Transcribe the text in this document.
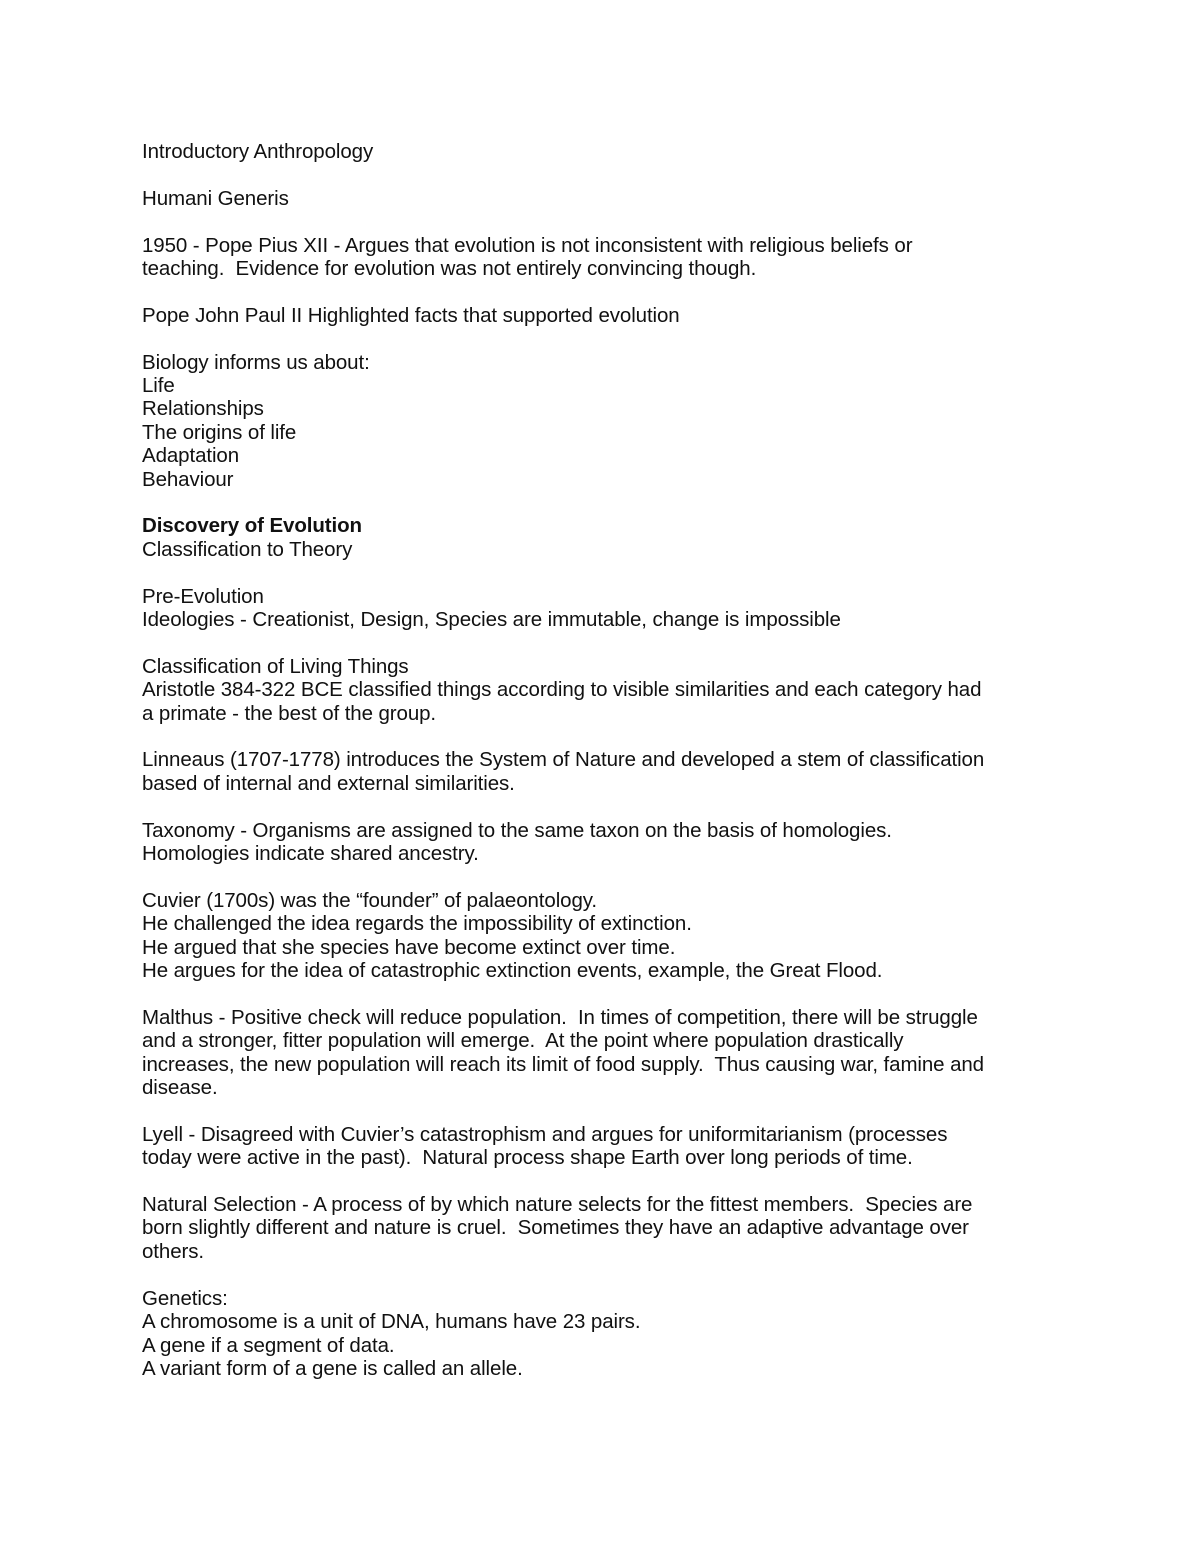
Introductory Anthropology
Humani Generis
1950 - Pope Pius XII - Argues that evolution is not inconsistent with religious beliefs or
teaching.  Evidence for evolution was not entirely convincing though.
Pope John Paul II Highlighted facts that supported evolution
Biology informs us about:
Life
Relationships
The origins of life
Adaptation
Behaviour
Discovery of Evolution
Classification to Theory
Pre-Evolution
Ideologies - Creationist, Design, Species are immutable, change is impossible
Classification of Living Things
Aristotle 384-322 BCE classified things according to visible similarities and each category had
a primate - the best of the group.
Linneaus (1707-1778) introduces the System of Nature and developed a stem of classification
based of internal and external similarities.
Taxonomy - Organisms are assigned to the same taxon on the basis of homologies.
Homologies indicate shared ancestry.
Cuvier (1700s) was the “founder” of palaeontology.
He challenged the idea regards the impossibility of extinction.
He argued that she species have become extinct over time.
He argues for the idea of catastrophic extinction events, example, the Great Flood.
Malthus - Positive check will reduce population.  In times of competition, there will be struggle
and a stronger, fitter population will emerge.  At the point where population drastically
increases, the new population will reach its limit of food supply.  Thus causing war, famine and
disease.
Lyell - Disagreed with Cuvier’s catastrophism and argues for uniformitarianism (processes
today were active in the past).  Natural process shape Earth over long periods of time.
Natural Selection - A process of by which nature selects for the fittest members.  Species are
born slightly different and nature is cruel.  Sometimes they have an adaptive advantage over
others.
Genetics:
A chromosome is a unit of DNA, humans have 23 pairs.
A gene if a segment of data.
A variant form of a gene is called an allele.
